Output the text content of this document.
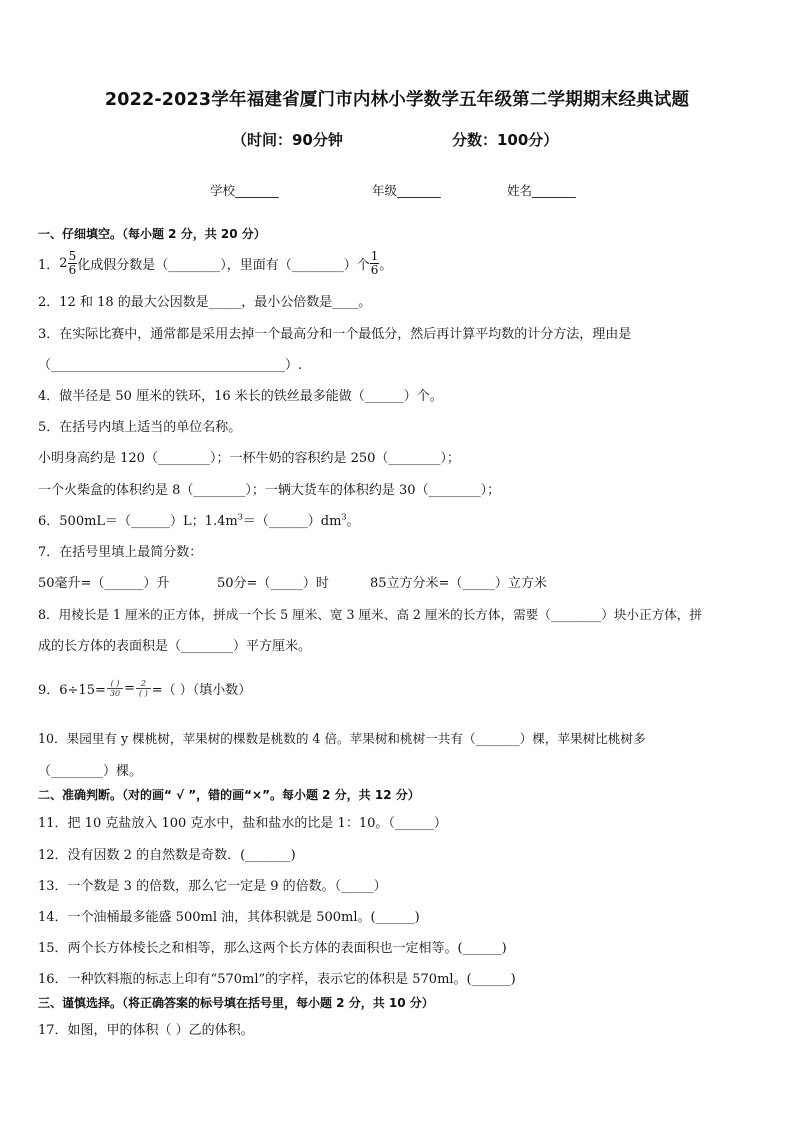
2022-2023学年福建省厦门市内林小学数学五年级第二学期期末经典试题
（时间：90分钟	分数：100分）
学校_______	年级_______	姓名_______
一、仔细填空。（每小题 2 分，共 20 分）
1． $2 \frac{5}{6}$ 化成假分数是（________），里面有（________）个 $\frac{1}{6}$ 。
2．12 和 18 的最大公因数是_____，最小公倍数是____。
3．在实际比赛中，通常都是采用去掉一个最高分和一个最低分，然后再计算平均数的计分方法，理由是
（____________________________________）.
4．做半径是 50 厘米的铁环，16 米长的铁丝最多能做（______）个。
5．在括号内填上适当的单位名称。
小明身高约是 120（________）；一杯牛奶的容积约是 250（________）；
一个火柴盒的体积约是 8（________）；一辆大货车的体积约是 30（________）；
6．500mL＝（______）L；$1.4m^3=(\_\_\_\_\_\_)dm^3$。
7．在括号里填上最简分数：
50毫升=（______）升	50分=（_____）时	85立方分米=（_____）立方米
8．用棱长是 1 厘米的正方体，拼成一个长 5 厘米、宽 3 厘米、高 2 厘米的长方体，需要（________）块小正方体，拼
成的长方体的表面积是（________）平方厘米。
9．$6\div 15= \frac{( )}{30} = \frac{2}{( )}$ =（ ）（填小数）
10．果园里有 y 棵桃树，苹果树的棵数是桃数的 4 倍。苹果树和桃树一共有（_______）棵，苹果树比桃树多
（________）棵。
二、准确判断。（对的画“ √ ”，错的画“×”。每小题 2 分，共 12 分）
11．把 10 克盐放入 100 克水中，盐和盐水的比是 1：10。（______）
12．没有因数 2 的自然数是奇数．(_______)
13．一个数是 3 的倍数，那么它一定是 9 的倍数。（_____）
14．一个油桶最多能盛 500ml 油，其体积就是 500ml。(______)
15．两个长方体棱长之和相等，那么这两个长方体的表面积也一定相等。(______)
16．一种饮料瓶的标志上印有“570ml”的字样，表示它的体积是 570ml。(______)
三、谨慎选择。（将正确答案的标号填在括号里，每小题 2 分，共 10 分）
17．如图，甲的体积（ ）乙的体积。
